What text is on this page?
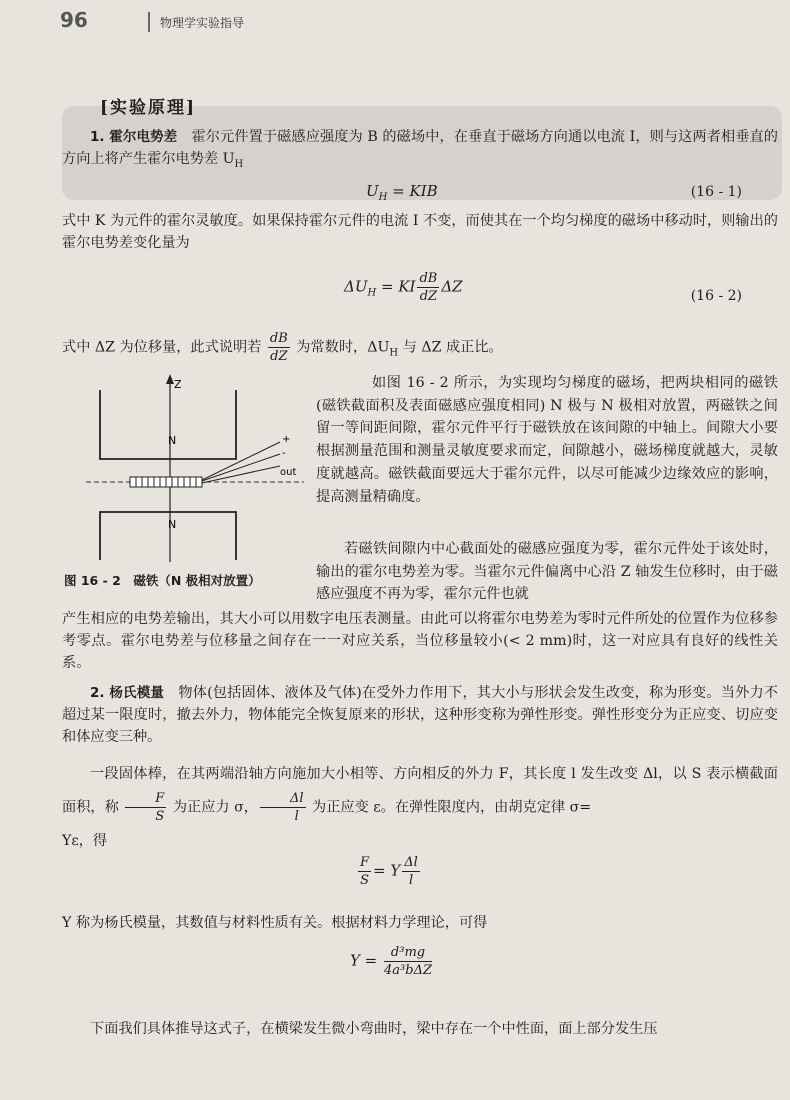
96	物理学实验指导
[实验原理]

1. 霍尔电势差　 霍尔元件置于磁感应强度为 B 的磁场中，在垂直于磁场方向通以电流 I，则与这两者相垂直的方向上将产生霍尔电势差 $U_H$

$U_H$ = KIB	(16 - 1)

式中 K 为元件的霍尔灵敏度。如果保持霍尔元件的电流 I 不变，而使其在一个均匀梯度的磁场中移动时，则输出的霍尔电势差变化量为

$\Delta U_H$ = KI $\frac{dB}{dZ}$ ΔZ
(16 - 2)

式中 ΔZ 为位移量，此式说明若 $\frac{dB}{dZ}$ 为常数时，$\Delta U_H$ 与 ΔZ 成正比。

Z
N	+
-
out
N
图 16 - 2　磁铁（N 极相对放置）

如图 16 - 2 所示，为实现均匀梯度的磁场，把两块相同的磁铁(磁铁截面积及表面磁感应强度相同) N 极与 N 极相对放置，两磁铁之间留一等间距间隙，霍尔元件平行于磁铁放在该间隙的中轴上。间隙大小要根据测量范围和测量灵敏度要求而定，间隙越小，磁场梯度就越大，灵敏度就越高。磁铁截面要远大于霍尔元件，以尽可能减少边缘效应的影响，提高测量精确度。

若磁铁间隙内中心截面处的磁感应强度为零，霍尔元件处于该处时，输出的霍尔电势差为零。当霍尔元件偏离中心沿 Z 轴发生位移时，由于磁感应强度不再为零，霍尔元件也就

产生相应的电势差输出，其大小可以用数字电压表测量。由此可以将霍尔电势差为零时元件所处的位置作为位移参考零点。霍尔电势差与位移量之间存在一一对应关系，当位移量较小(< 2 mm)时，这一对应具有良好的线性关系。

2. 杨氏模量　 物体(包括固体、液体及气体)在受外力作用下，其大小与形状会发生改变，称为形变。当外力不超过某一限度时，撤去外力，物体能完全恢复原来的形状，这种形变称为弹性形变。弹性形变分为正应变、切应变和体应变三种。

一段固体棒，在其两端沿轴方向施加大小相等、方向相反的外力 F，其长度 l 发生改变 Δl，以 S 表示横截面面积，称 $\frac{F}{S}$ 为正应力 σ， $\frac{\Delta l}{l}$ 为正应变 ε。在弹性限度内，由胡克定律 σ=
Yε，得

$\frac{F}{S} = Y \frac{\Delta l}{l}$

Y 称为杨氏模量，其数值与材料性质有关。根据材料力学理论，可得

$Y = \frac{\text{d³mg}}{\text{4a³bΔZ}}$

下面我们具体推导这式子，在横梁发生微小弯曲时，梁中存在一个中性面，面上部分发生压
